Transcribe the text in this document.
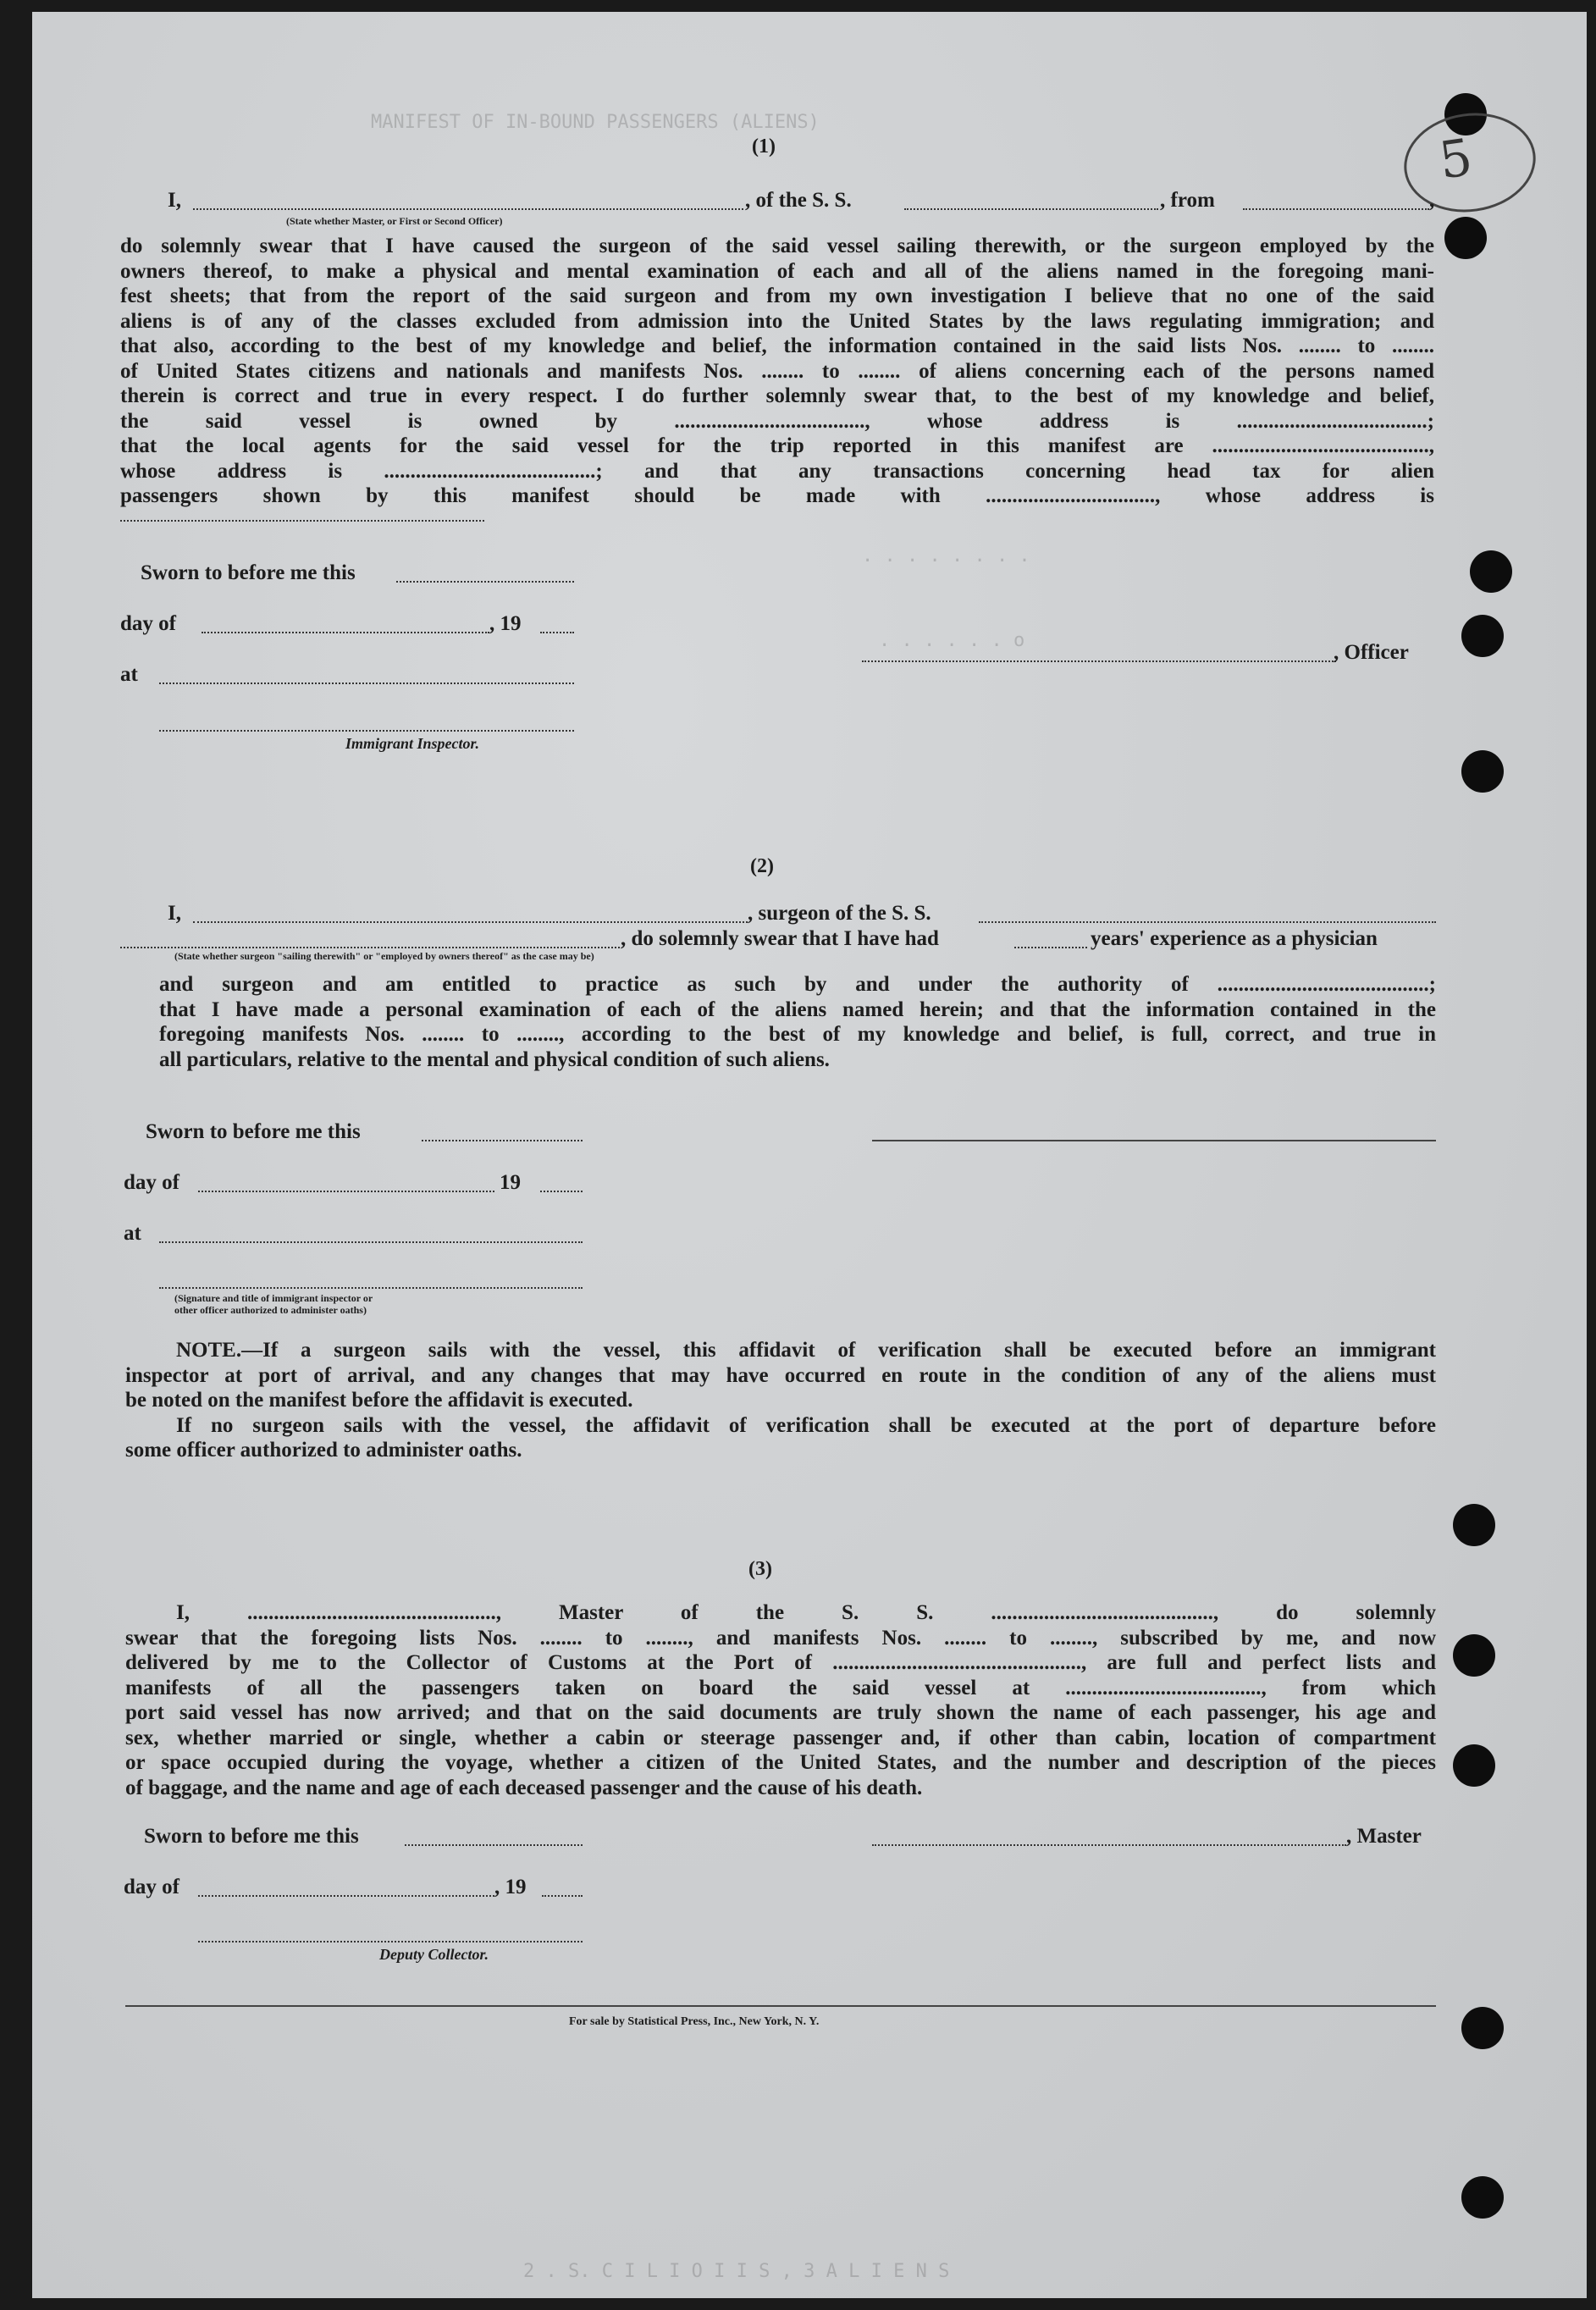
5
MANIFEST OF IN-BOUND PASSENGERS (ALIENS)
. . . . . . . .
. . . . . . o
(1)
I,	, of the S. S.	, from	,
(State whether Master, or First or Second Officer)
do solemnly swear that I have caused the surgeon of the said vessel sailing therewith, or the surgeon employed by the
owners thereof, to make a physical and mental examination of each and all of the aliens named in the foregoing mani-
fest sheets; that from the report of the said surgeon and from my own investigation I believe that no one of the said
aliens is of any of the classes excluded from admission into the United States by the laws regulating immigration; and
that also, according to the best of my knowledge and belief, the information contained in the said lists Nos. ........ to ........
of United States citizens and nationals and manifests Nos. ........ to ........ of aliens concerning each of the persons named
therein is correct and true in every respect. I do further solemnly swear that, to the best of my knowledge and belief,
the said vessel is owned by ...................................., whose address is ....................................;
that the local agents for the said vessel for the trip reported in this manifest are .........................................,
whose address is ........................................; and that any transactions concerning head tax for alien
passengers shown by this manifest should be made with ................................, whose address is
Sworn to before me this
day of	, 19
at
Immigrant Inspector.
, Officer
(2)
I,	, surgeon of the S. S.
, do solemnly swear that I have had	years' experience as a physician
(State whether surgeon "sailing therewith" or "employed by owners thereof" as the case may be)
and surgeon and am entitled to practice as such by and under the authority of ........................................;
that I have made a personal examination of each of the aliens named herein; and that the information contained in the
foregoing manifests Nos. ........ to ........, according to the best of my knowledge and belief, is full, correct, and true in
all particulars, relative to the mental and physical condition of such aliens.
Sworn to before me this
day of	19
at
(Signature and title of immigrant inspector or
other officer authorized to administer oaths)
NOTE.—If a surgeon sails with the vessel, this affidavit of verification shall be executed before an immigrant
inspector at port of arrival, and any changes that may have occurred en route in the condition of any of the aliens must
be noted on the manifest before the affidavit is executed.
If no surgeon sails with the vessel, the affidavit of verification shall be executed at the port of departure before
some officer authorized to administer oaths.
(3)
I, ..............................................., Master of the S. S. .........................................., do solemnly
swear that the foregoing lists Nos. ........ to ........, and manifests Nos. ........ to ........, subscribed by me, and now
delivered by me to the Collector of Customs at the Port of ..............................................., are full and perfect lists and
manifests of all the passengers taken on board the said vessel at ....................................., from which
port said vessel has now arrived; and that on the said documents are truly shown the name of each passenger, his age and
sex, whether married or single, whether a cabin or steerage passenger and, if other than cabin, location of compartment
or space occupied during the voyage, whether a citizen of the United States, and the number and description of the pieces
of baggage, and the name and age of each deceased passenger and the cause of his death.
Sworn to before me this	, Master
day of	, 19
Deputy Collector.
For sale by Statistical Press, Inc., New York, N. Y.
2 . S. C I L I O I I S , 3 A L I E N S
